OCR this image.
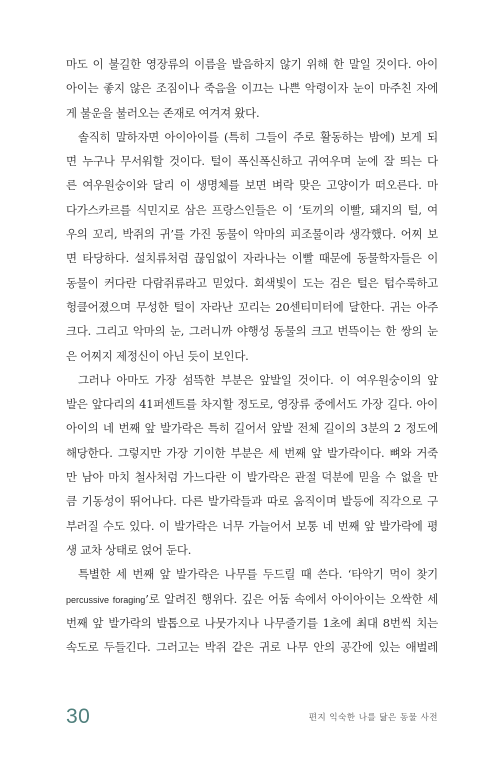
마도 이 불길한 영장류의 이름을 발음하지 않기 위해 한 말일 것이다. 아이
아이는 좋지 않은 조짐이나 죽음을 이끄는 나쁜 악령이자 눈이 마주친 자에
게 불운을 불러오는 존재로 여겨져 왔다.
솔직히 말하자면 아이아이를 (특히 그들이 주로 활동하는 밤에) 보게 되
면 누구나 무서워할 것이다. 털이 폭신폭신하고 귀여우며 눈에 잘 띄는 다
른 여우원숭이와 달리 이 생명체를 보면 벼락 맞은 고양이가 떠오른다. 마
다가스카르를 식민지로 삼은 프랑스인들은 이 ‘토끼의 이빨, 돼지의 털, 여
우의 꼬리, 박쥐의 귀’를 가진 동물이 악마의 피조물이라 생각했다. 어찌 보
면 타당하다. 설치류처럼 끊임없이 자라나는 이빨 때문에 동물학자들은 이
동물이 커다란 다람쥐류라고 믿었다. 회색빛이 도는 검은 털은 텁수룩하고
헝클어졌으며 무성한 털이 자라난 꼬리는 20센티미터에 달한다. 귀는 아주
크다. 그리고 악마의 눈, 그러니까 야행성 동물의 크고 번뜩이는 한 쌍의 눈
은 어찌지 제정신이 아닌 듯이 보인다.
그러나 아마도 가장 섬뜩한 부분은 앞발일 것이다. 이 여우원숭이의 앞
발은 앞다리의 41퍼센트를 차지할 정도로, 영장류 중에서도 가장 길다. 아이
아이의 네 번째 앞 발가락은 특히 길어서 앞발 전체 길이의 3분의 2 정도에
해당한다. 그렇지만 가장 기이한 부분은 세 번째 앞 발가락이다. 뼈와 거죽
만 남아 마치 철사처럼 가느다란 이 발가락은 관절 덕분에 믿을 수 없을 만
큼 기동성이 뛰어나다. 다른 발가락들과 따로 움직이며 발등에 직각으로 구
부러질 수도 있다. 이 발가락은 너무 가늘어서 보통 네 번째 앞 발가락에 평
생 교차 상태로 얹어 둔다.
특별한 세 번째 앞 발가락은 나무를 두드릴 때 쓴다. ‘타악기 먹이 찾기
percussive foraging’로 알려진 행위다. 깊은 어둠 속에서 아이아이는 오싹한 세
번째 앞 발가락의 발톱으로 나뭇가지나 나무줄기를 1초에 최대 8번씩 치는
속도로 두들긴다. 그러고는 박쥐 같은 귀로 나무 안의 공간에 있는 애벌레
30	편지 익숙한 나를 닮은 동물 사전
